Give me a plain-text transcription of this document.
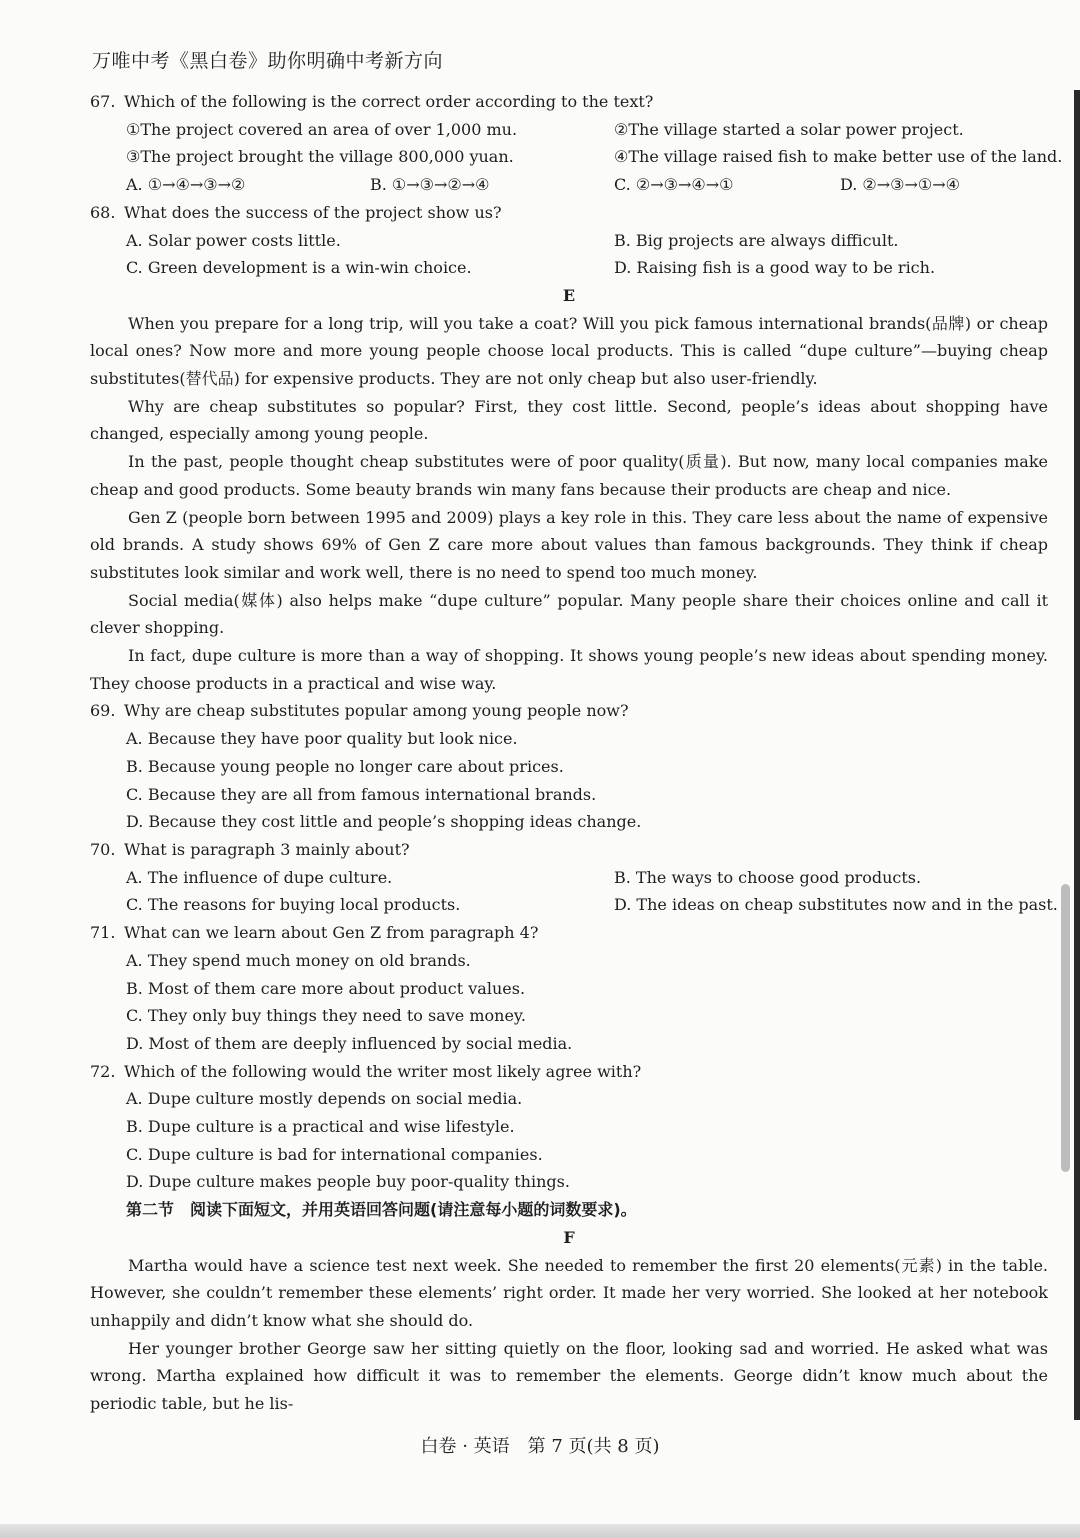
万唯中考《黑白卷》助你明确中考新方向

67. Which of the following is the correct order according to the text?

①The project covered an area of over 1,000 mu.	②The village started a solar power project.
③The project brought the village 800,000 yuan.	④The village raised fish to make better use of the land.
A. ①→④→③→②	B. ①→③→②→④	C. ②→③→④→①	D. ②→③→①→④

68. What does the success of the project show us?

A. Solar power costs little.	B. Big projects are always difficult.
C. Green development is a win-win choice.	D. Raising fish is a good way to be rich.

E

When you prepare for a long trip, will you take a coat? Will you pick famous international brands(品牌) or cheap local ones? Now more and more young people choose local products. This is called “dupe culture”—buying cheap substitutes(替代品) for expensive products. They are not only cheap but also user-friendly.

Why are cheap substitutes so popular? First, they cost little. Second, people’s ideas about shopping have changed, especially among young people.

In the past, people thought cheap substitutes were of poor quality(质量). But now, many local companies make cheap and good products. Some beauty brands win many fans because their products are cheap and nice.

Gen Z (people born between 1995 and 2009) plays a key role in this. They care less about the name of expensive old brands. A study shows 69% of Gen Z care more about values than famous backgrounds. They think if cheap substitutes look similar and work well, there is no need to spend too much money.

Social media(媒体) also helps make “dupe culture” popular. Many people share their choices online and call it clever shopping.

In fact, dupe culture is more than a way of shopping. It shows young people’s new ideas about spending money. They choose products in a practical and wise way.

69. Why are cheap substitutes popular among young people now?

A. Because they have poor quality but look nice.
B. Because young people no longer care about prices.
C. Because they are all from famous international brands.
D. Because they cost little and people’s shopping ideas change.

70. What is paragraph 3 mainly about?

A. The influence of dupe culture.	B. The ways to choose good products.
C. The reasons for buying local products.	D. The ideas on cheap substitutes now and in the past.

71. What can we learn about Gen Z from paragraph 4?

A. They spend much money on old brands.
B. Most of them care more about product values.
C. They only buy things they need to save money.
D. Most of them are deeply influenced by social media.

72. Which of the following would the writer most likely agree with?

A. Dupe culture mostly depends on social media.
B. Dupe culture is a practical and wise lifestyle.
C. Dupe culture is bad for international companies.
D. Dupe culture makes people buy poor-quality things.

第二节　阅读下面短文，并用英语回答问题(请注意每小题的词数要求)。

F

Martha would have a science test next week. She needed to remember the first 20 elements(元素) in the table. However, she couldn’t remember these elements’ right order. It made her very worried. She looked at her notebook unhappily and didn’t know what she should do.

Her younger brother George saw her sitting quietly on the floor, looking sad and worried. He asked what was wrong. Martha explained how difficult it was to remember the elements. George didn’t know much about the periodic table, but he lis-

白卷 · 英语　第 7 页(共 8 页)
